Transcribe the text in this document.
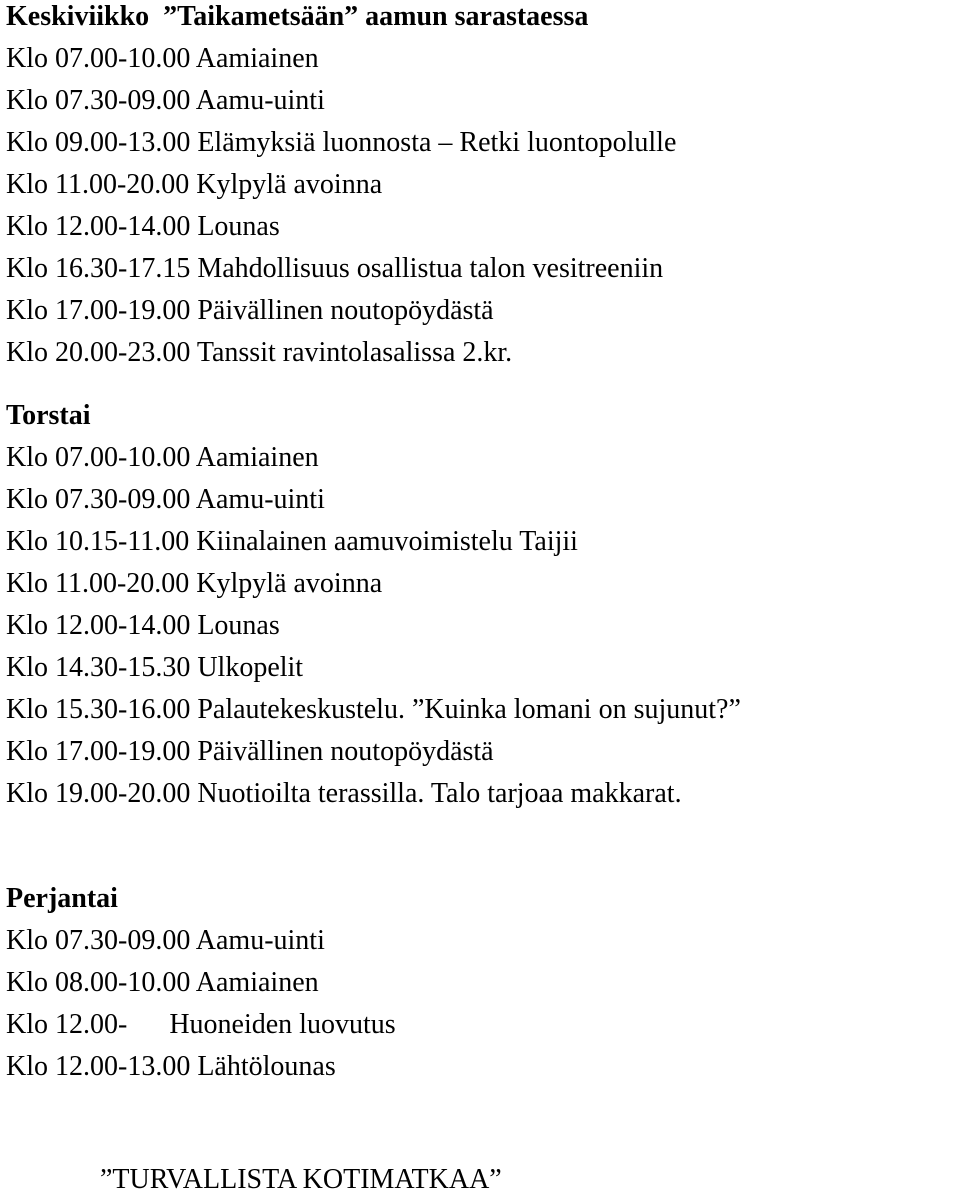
Keskiviikko  ”Taikametsään” aamun sarastaessa
Klo 07.00-10.00 Aamiainen
Klo 07.30-09.00 Aamu-uinti
Klo 09.00-13.00 Elämyksiä luonnosta – Retki luontopolulle
Klo 11.00-20.00 Kylpylä avoinna
Klo 12.00-14.00 Lounas
Klo 16.30-17.15 Mahdollisuus osallistua talon vesitreeniin
Klo 17.00-19.00 Päivällinen noutopöydästä
Klo 20.00-23.00 Tanssit ravintolasalissa 2.kr.
Torstai
Klo 07.00-10.00 Aamiainen
Klo 07.30-09.00 Aamu-uinti
Klo 10.15-11.00 Kiinalainen aamuvoimistelu Taijii
Klo 11.00-20.00 Kylpylä avoinna
Klo 12.00-14.00 Lounas
Klo 14.30-15.30 Ulkopelit
Klo 15.30-16.00 Palautekeskustelu. ”Kuinka lomani on sujunut?”
Klo 17.00-19.00 Päivällinen noutopöydästä
Klo 19.00-20.00 Nuotioilta terassilla. Talo tarjoaa makkarat.
Perjantai
Klo 07.30-09.00 Aamu-uinti
Klo 08.00-10.00 Aamiainen
Klo 12.00-      Huoneiden luovutus
Klo 12.00-13.00 Lähtölounas
”TURVALLISTA KOTIMATKAA”
